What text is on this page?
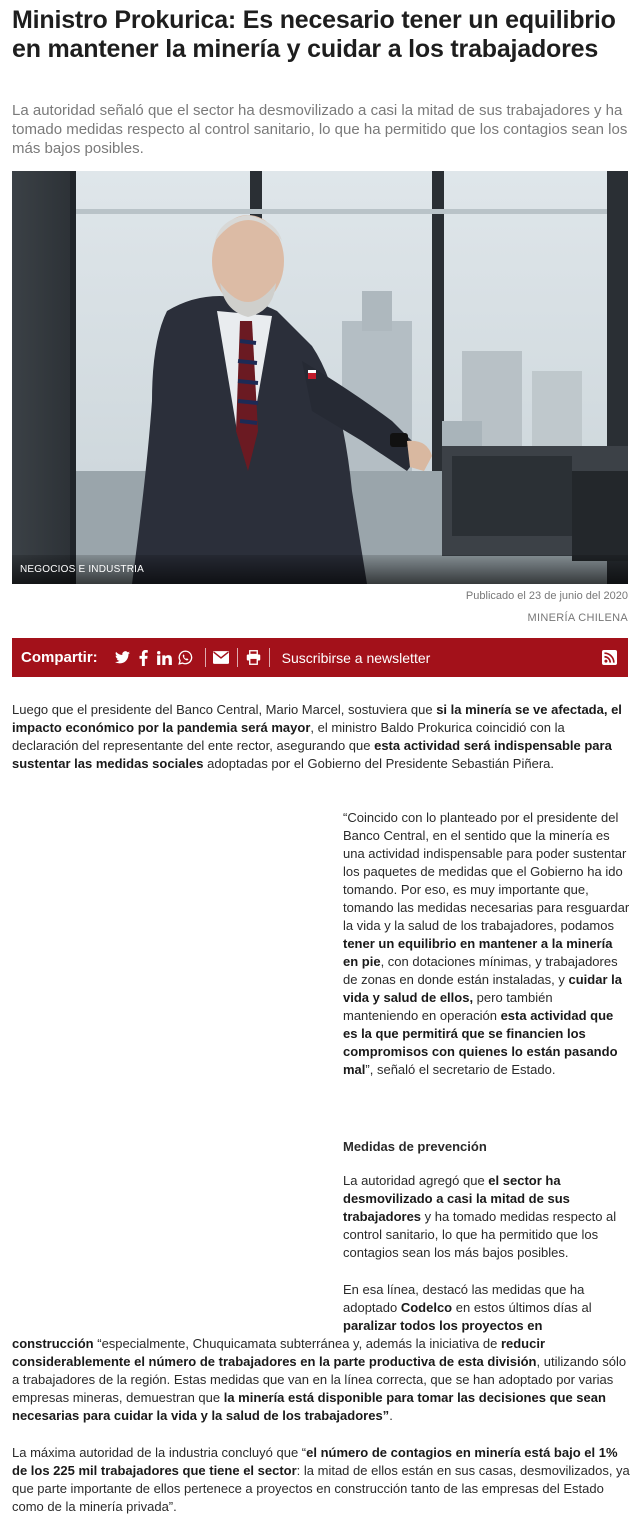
Ministro Prokurica: Es necesario tener un equilibrio en mantener la minería y cuidar a los trabajadores

La autoridad señaló que el sector ha desmovilizado a casi la mitad de sus trabajadores y ha tomado medidas respecto al control sanitario, lo que ha permitido que los contagios sean los más bajos posibles.

NEGOCIOS E INDUSTRIA
Publicado el 23 de junio del 2020
MINERÍA CHILENA
Compartir:	Suscribirse a newsletter

Luego que el presidente del Banco Central, Mario Marcel, sostuviera que si la minería se ve afectada, el impacto económico por la pandemia será mayor, el ministro Baldo Prokurica coincidió con la declaración del representante del ente rector, asegurando que esta actividad será indispensable para sustentar las medidas sociales adoptadas por el Gobierno del Presidente Sebastián Piñera.

“Coincido con lo planteado por el presidente del Banco Central, en el sentido que la minería es una actividad indispensable para poder sustentar los paquetes de medidas que el Gobierno ha ido tomando. Por eso, es muy importante que, tomando las medidas necesarias para resguardar la vida y la salud de los trabajadores, podamos tener un equilibrio en mantener a la minería en pie, con dotaciones mínimas, y trabajadores de zonas en donde están instaladas, y cuidar la vida y salud de ellos, pero también manteniendo en operación esta actividad que es la que permitirá que se financien los compromisos con quienes lo están pasando mal”, señaló el secretario de Estado.

Medidas de prevención

La autoridad agregó que el sector ha desmovilizado a casi la mitad de sus trabajadores y ha tomado medidas respecto al control sanitario, lo que ha permitido que los contagios sean los más bajos posibles.

En esa línea, destacó las medidas que ha adoptado Codelco en estos últimos días al paralizar todos los proyectos en

construcción “especialmente, Chuquicamata subterránea y, además la iniciativa de reducir considerablemente el número de trabajadores en la parte productiva de esta división, utilizando sólo a trabajadores de la región. Estas medidas que van en la línea correcta, que se han adoptado por varias empresas mineras, demuestran que la minería está disponible para tomar las decisiones que sean necesarias para cuidar la vida y la salud de los trabajadores”.

La máxima autoridad de la industria concluyó que “el número de contagios en minería está bajo el 1% de los 225 mil trabajadores que tiene el sector: la mitad de ellos están en sus casas, desmovilizados, ya que parte importante de ellos pertenece a proyectos en construcción tanto de las empresas del Estado como de la minería privada”.
